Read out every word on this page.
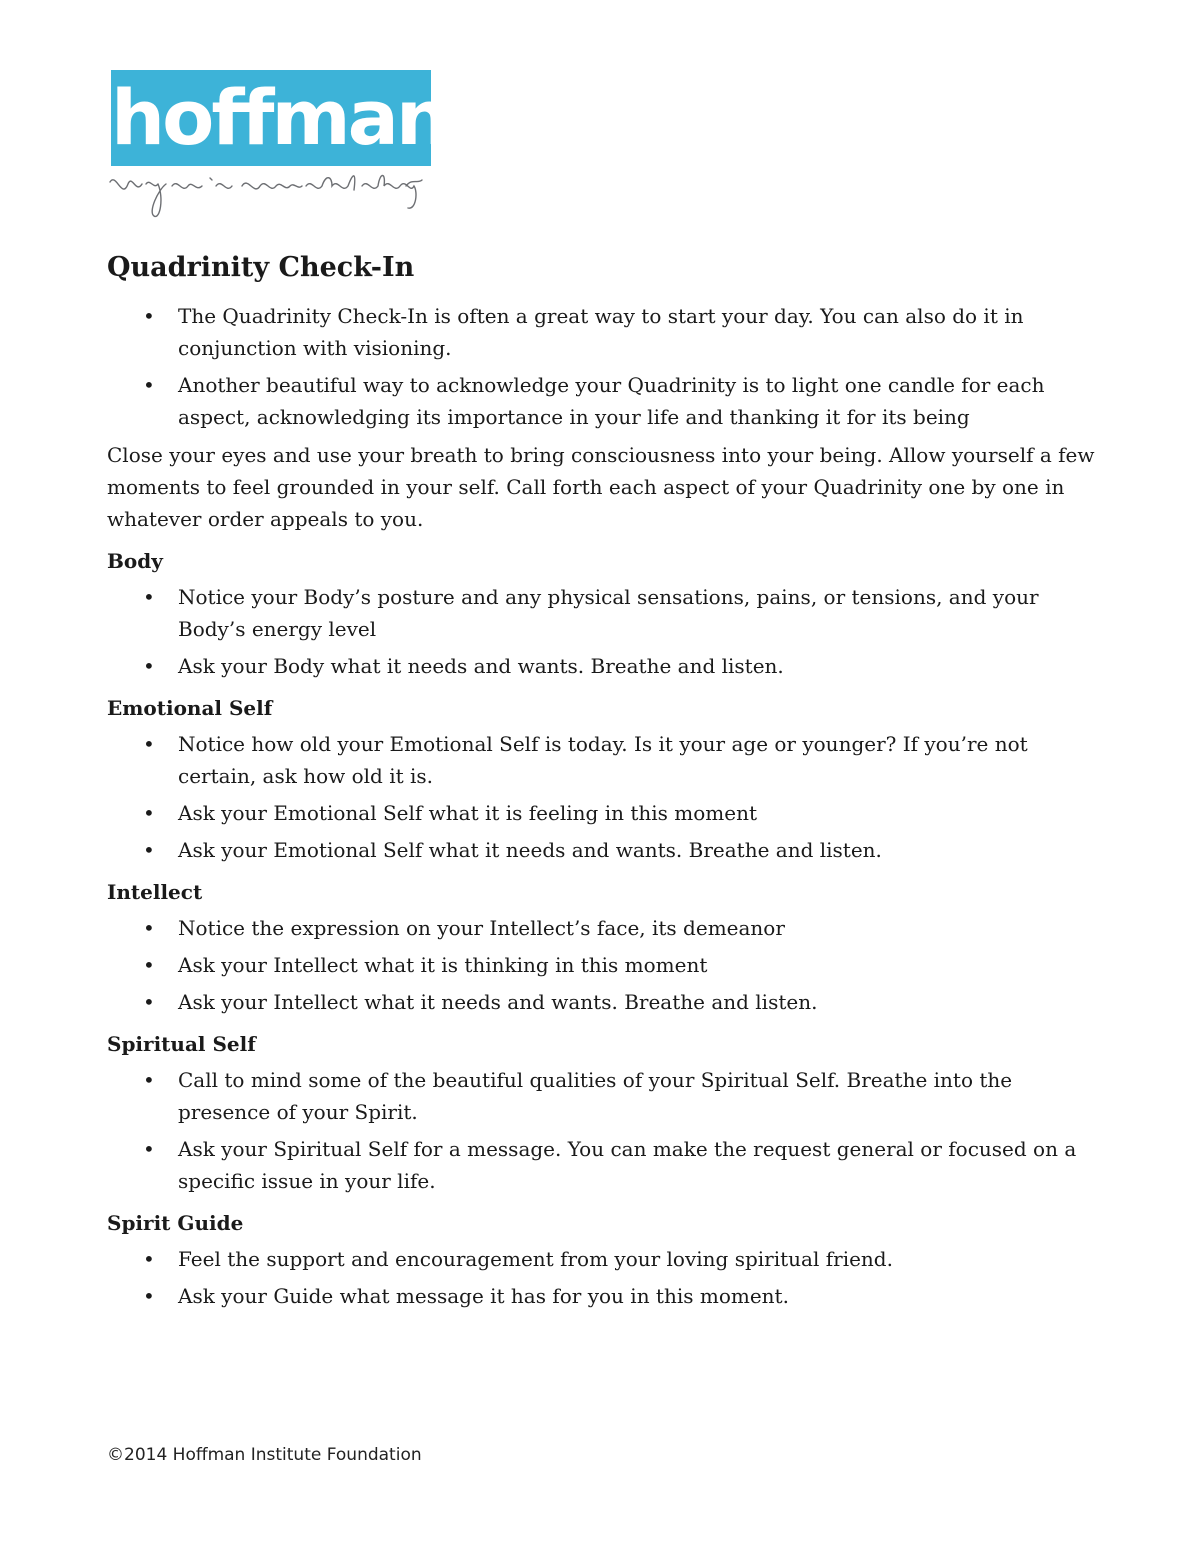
hoffman
Quadrinity Check-In
• The Quadrinity Check-In is often a great way to start your day. You can also do it in conjunction with visioning.
• Another beautiful way to acknowledge your Quadrinity is to light one candle for each aspect, acknowledging its importance in your life and thanking it for its being

Close your eyes and use your breath to bring consciousness into your being. Allow yourself a few moments to feel grounded in your self. Call forth each aspect of your Quadrinity one by one in whatever order appeals to you.

Body
• Notice your Body’s posture and any physical sensations, pains, or tensions, and your Body’s energy level
• Ask your Body what it needs and wants. Breathe and listen.
Emotional Self
• Notice how old your Emotional Self is today. Is it your age or younger? If you’re not certain, ask how old it is.
• Ask your Emotional Self what it is feeling in this moment
• Ask your Emotional Self what it needs and wants. Breathe and listen.
Intellect
• Notice the expression on your Intellect’s face, its demeanor
• Ask your Intellect what it is thinking in this moment
• Ask your Intellect what it needs and wants. Breathe and listen.
Spiritual Self
• Call to mind some of the beautiful qualities of your Spiritual Self. Breathe into the presence of your Spirit.
• Ask your Spiritual Self for a message. You can make the request general or focused on a specific issue in your life.
Spirit Guide
• Feel the support and encouragement from your loving spiritual friend.
• Ask your Guide what message it has for you in this moment.
©2014 Hoffman Institute Foundation
